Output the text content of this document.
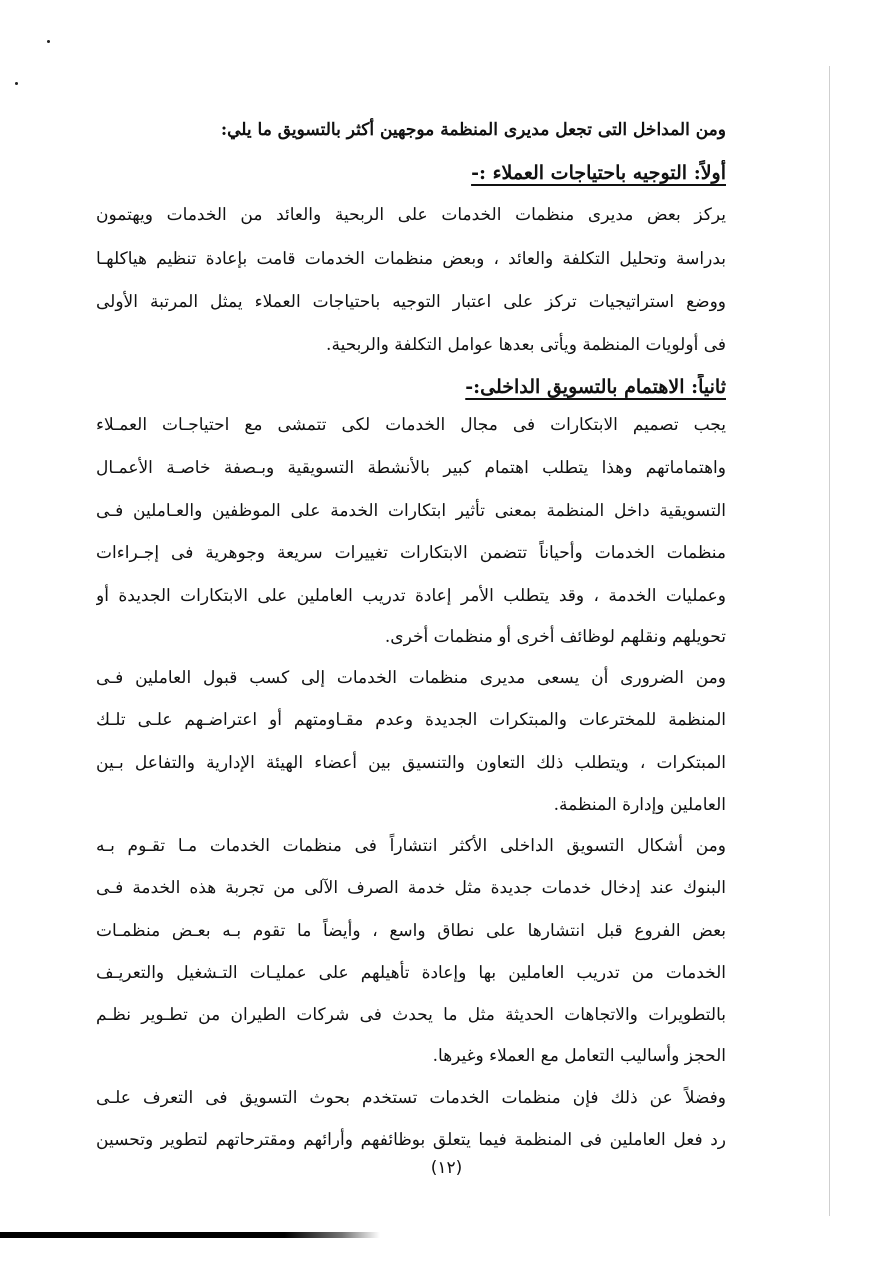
ومن المداخل التى تجعل مديرى المنظمة موجهين أكثر بالتسويق ما يلي:
أولاً: التوجيه باحتياجات العملاء :-
يركز بعض مديرى منظمات الخدمات على الربحية والعائد من الخدمات ويهتمون
بدراسة وتحليل التكلفة والعائد ، وبعض منظمات الخدمات قامت بإعادة تنظيم هياكلهـا
ووضع استراتيجيات تركز على اعتبار التوجيه باحتياجات العملاء يمثل المرتبة الأولى
فى أولويات المنظمة ويأتى بعدها عوامل التكلفة والربحية.
ثانياً: الاهتمام بالتسويق الداخلى:-
يجب تصميم الابتكارات فى مجال الخدمات لكى تتمشى مع احتياجـات العمـلاء
واهتماماتهم وهذا يتطلب اهتمام كبير بالأنشطة التسويقية وبـصفة خاصـة الأعمـال
التسويقية داخل المنظمة بمعنى تأثير ابتكارات الخدمة على الموظفين والعـاملين فـى
منظمات الخدمات وأحياناً تتضمن الابتكارات تغييرات سريعة وجوهرية فى إجـراءات
وعمليات الخدمة ، وقد يتطلب الأمر إعادة تدريب العاملين على الابتكارات الجديدة أو
تحويلهم ونقلهم لوظائف أخرى أو منظمات أخرى.
ومن الضرورى أن يسعى مديرى منظمات الخدمات إلى كسب قبول العاملين فـى
المنظمة للمخترعات والمبتكرات الجديدة وعدم مقـاومتهم أو اعتراضـهم علـى تلـك
المبتكرات ، ويتطلب ذلك التعاون والتنسيق بين أعضاء الهيئة الإدارية والتفاعل بـين
العاملين وإدارة المنظمة.
ومن أشكال التسويق الداخلى الأكثر انتشاراً فى منظمات الخدمات مـا تقـوم بـه
البنوك عند إدخال خدمات جديدة مثل خدمة الصرف الآلى من تجربة هذه الخدمة فـى
بعض الفروع قبل انتشارها على نطاق واسع ، وأيضاً ما تقوم بـه بعـض منظمـات
الخدمات من تدريب العاملين بها وإعادة تأهيلهم على عمليـات التـشغيل والتعريـف
بالتطويرات والاتجاهات الحديثة مثل ما يحدث فى شركات الطيران من تطـوير نظـم
الحجز وأساليب التعامل مع العملاء وغيرها.
وفضلاً عن ذلك فإن منظمات الخدمات تستخدم بحوث التسويق فى التعرف علـى
رد فعل العاملين فى المنظمة فيما يتعلق بوظائفهم وأرائهم ومقترحاتهم لتطوير وتحسين
(١٢)
